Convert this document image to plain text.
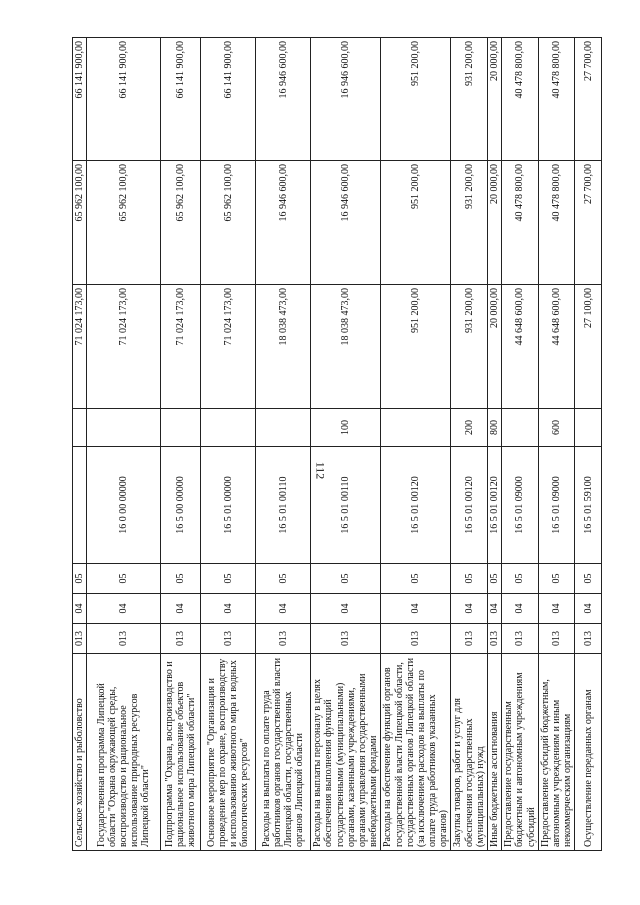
112
Сельское хозяйство и рыболовство	013	04	05			71 024 173,00	65 962 100,00	66 141 900,00
Государственная программа Липецкой области "Охрана окружающей среды, воспроизводство и рациональное использование природных ресурсов Липецкой области"	013	04	05	16 0 00 00000		71 024 173,00	65 962 100,00	66 141 900,00
Подпрограмма "Охрана, воспроизводство и рациональное использование объектов животного мира Липецкой области"	013	04	05	16 5 00 00000		71 024 173,00	65 962 100,00	66 141 900,00
Основное мероприятие "Организация и проведение мер по охране, воспроизводству и использованию животного мира и водных биологических ресурсов"	013	04	05	16 5 01 00000		71 024 173,00	65 962 100,00	66 141 900,00
Расходы на выплаты по оплате труда работников органов государственной власти Липецкой области, государственных органов Липецкой области	013	04	05	16 5 01 00110		18 038 473,00	16 946 600,00	16 946 600,00
Расходы на выплаты персоналу в целях обеспечения выполнения функций государственными (муниципальными) органами, казенными учреждениями, органами управления государственными внебюджетными фондами	013	04	05	16 5 01 00110	100	18 038 473,00	16 946 600,00	16 946 600,00
Расходы на обеспечение функций органов государственной власти Липецкой области, государственных органов Липецкой области (за исключением расходов на выплаты по оплате труда работников указанных органов)	013	04	05	16 5 01 00120		951 200,00	951 200,00	951 200,00
Закупка товаров, работ и услуг для обеспечения государственных (муниципальных) нужд	013	04	05	16 5 01 00120	200	931 200,00	931 200,00	931 200,00
Иные бюджетные ассигнования	013	04	05	16 5 01 00120	800	20 000,00	20 000,00	20 000,00
Предоставление государственным бюджетным и автономным учреждениям субсидий	013	04	05	16 5 01 09000		44 648 600,00	40 478 800,00	40 478 800,00
Предоставление субсидий бюджетным, автономным учреждениям и иным некоммерческим организациям	013	04	05	16 5 01 09000	600	44 648 600,00	40 478 800,00	40 478 800,00
Осуществление переданных органам	013	04	05	16 5 01 59100		27 100,00	27 700,00	27 700,00
